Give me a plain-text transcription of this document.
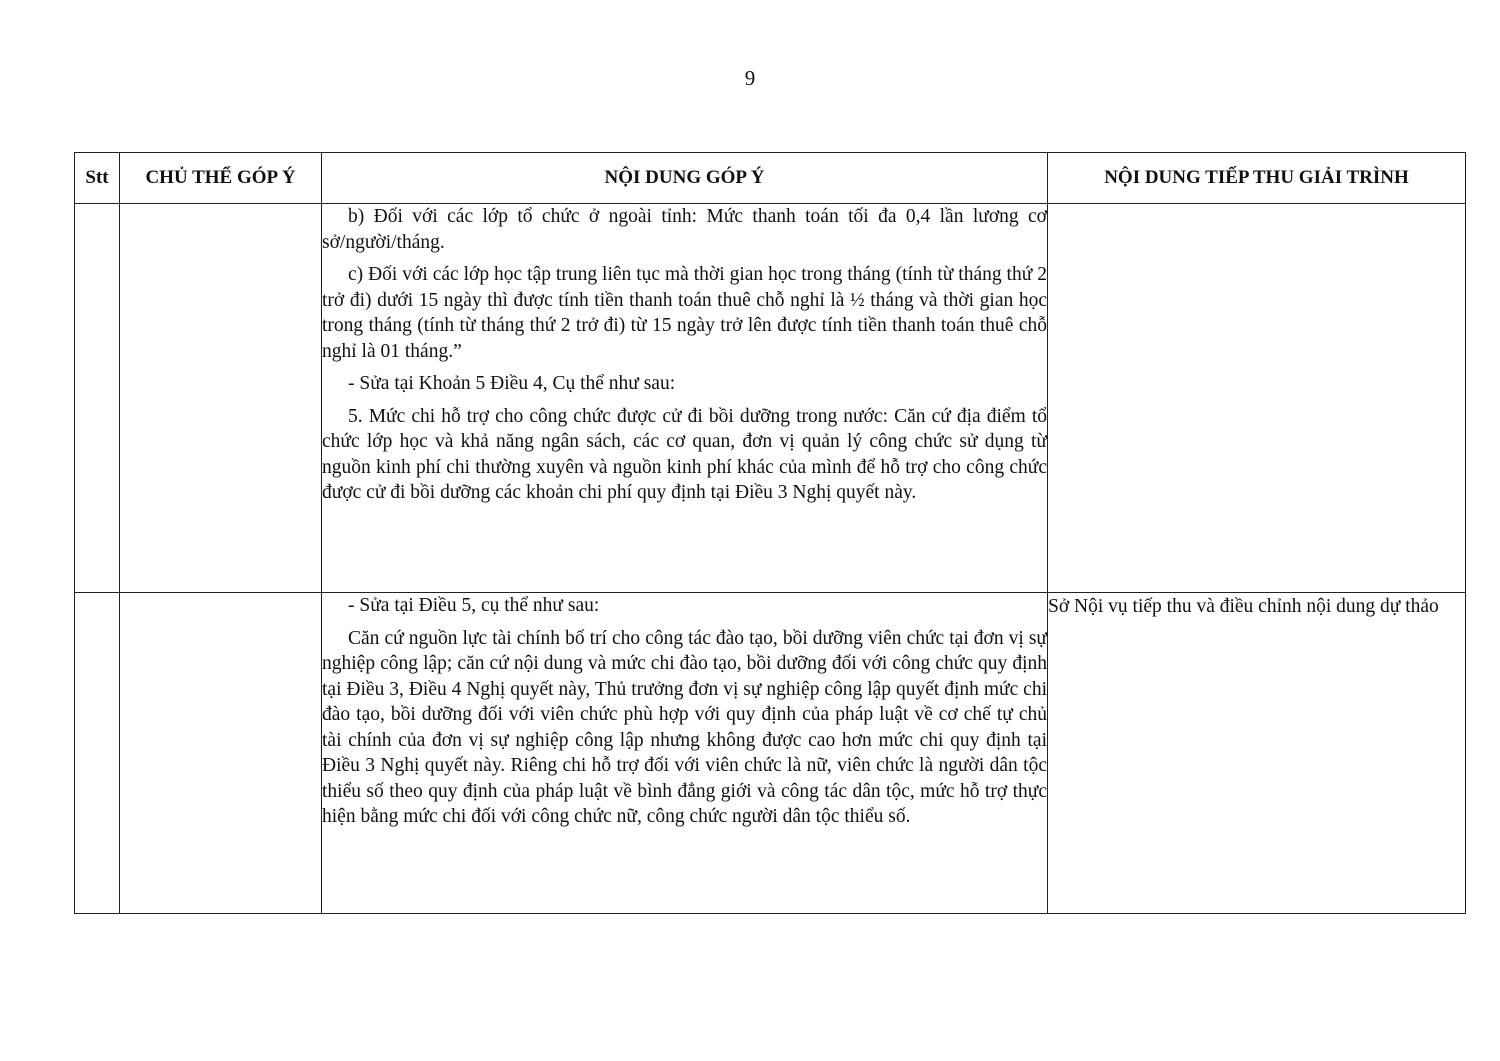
9
Stt	CHỦ THỂ GÓP Ý	NỘI DUNG GÓP Ý	NỘI DUNG TIẾP THU GIẢI TRÌNH

		b) Đối với các lớp tổ chức ở ngoài tỉnh: Mức thanh toán tối đa 0,4 lần lương cơ sở/người/tháng.

c) Đối với các lớp học tập trung liên tục mà thời gian học trong tháng (tính từ tháng thứ 2 trở đi) dưới 15 ngày thì được tính tiền thanh toán thuê chỗ nghỉ là ½ tháng và thời gian học trong tháng (tính từ tháng thứ 2 trở đi) từ 15 ngày trở lên được tính tiền thanh toán thuê chỗ nghỉ là 01 tháng.”

- Sửa tại Khoản 5 Điều 4, Cụ thể như sau:

5. Mức chi hỗ trợ cho công chức được cử đi bồi dưỡng trong nước: Căn cứ địa điểm tổ chức lớp học và khả năng ngân sách, các cơ quan, đơn vị quản lý công chức sử dụng từ nguồn kinh phí chi thường xuyên và nguồn kinh phí khác của mình để hỗ trợ cho công chức được cử đi bồi dưỡng các khoản chi phí quy định tại Điều 3 Nghị quyết này.	

		- Sửa tại Điều 5, cụ thể như sau:

Căn cứ nguồn lực tài chính bố trí cho công tác đào tạo, bồi dưỡng viên chức tại đơn vị sự nghiệp công lập; căn cứ nội dung và mức chi đào tạo, bồi dưỡng đối với công chức quy định tại Điều 3, Điều 4 Nghị quyết này, Thủ trưởng đơn vị sự nghiệp công lập quyết định mức chi đào tạo, bồi dưỡng đối với viên chức phù hợp với quy định của pháp luật về cơ chế tự chủ tài chính của đơn vị sự nghiệp công lập nhưng không được cao hơn mức chi quy định tại Điều 3 Nghị quyết này. Riêng chi hỗ trợ đối với viên chức là nữ, viên chức là người dân tộc thiểu số theo quy định của pháp luật về bình đẳng giới và công tác dân tộc, mức hỗ trợ thực hiện bằng mức chi đối với công chức nữ, công chức người dân tộc thiểu số.	Sở Nội vụ tiếp thu và điều chỉnh nội dung dự thảo
